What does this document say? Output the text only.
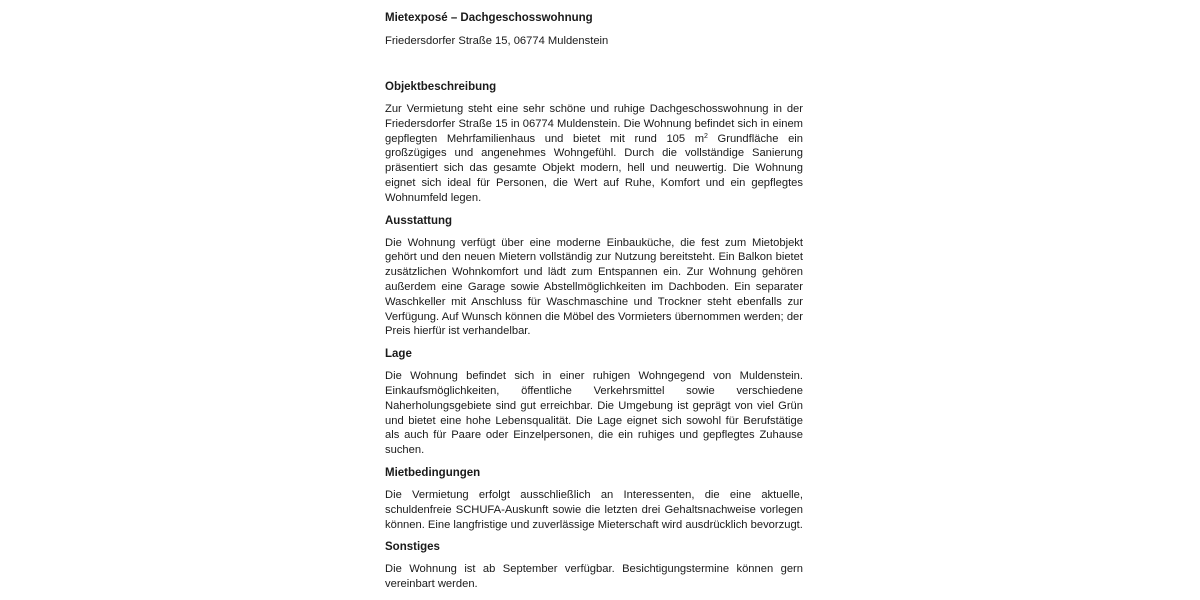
Mietexposé – Dachgeschosswohnung

Friedersdorfer Straße 15, 06774 Muldenstein

Objektbeschreibung

Zur Vermietung steht eine sehr schöne und ruhige Dachgeschosswohnung in der Friedersdorfer Straße 15 in 06774 Muldenstein. Die Wohnung befindet sich in einem gepflegten Mehrfamilienhaus und bietet mit rund 105 $m^2$ Grundfläche ein großzügiges und angenehmes Wohngefühl. Durch die vollständige Sanierung präsentiert sich das gesamte Objekt modern, hell und neuwertig. Die Wohnung eignet sich ideal für Personen, die Wert auf Ruhe, Komfort und ein gepflegtes Wohnumfeld legen.

Ausstattung

Die Wohnung verfügt über eine moderne Einbauküche, die fest zum Mietobjekt gehört und den neuen Mietern vollständig zur Nutzung bereitsteht. Ein Balkon bietet zusätzlichen Wohnkomfort und lädt zum Entspannen ein. Zur Wohnung gehören außerdem eine Garage sowie Abstellmöglichkeiten im Dachboden. Ein separater Waschkeller mit Anschluss für Waschmaschine und Trockner steht ebenfalls zur Verfügung. Auf Wunsch können die Möbel des Vormieters übernommen werden; der Preis hierfür ist verhandelbar.

Lage

Die Wohnung befindet sich in einer ruhigen Wohngegend von Muldenstein. Einkaufsmöglichkeiten, öffentliche Verkehrsmittel sowie verschiedene Naherholungsgebiete sind gut erreichbar. Die Umgebung ist geprägt von viel Grün und bietet eine hohe Lebensqualität. Die Lage eignet sich sowohl für Berufstätige als auch für Paare oder Einzelpersonen, die ein ruhiges und gepflegtes Zuhause suchen.

Mietbedingungen

Die Vermietung erfolgt ausschließlich an Interessenten, die eine aktuelle, schuldenfreie SCHUFA-Auskunft sowie die letzten drei Gehaltsnachweise vorlegen können. Eine langfristige und zuverlässige Mieterschaft wird ausdrücklich bevorzugt.

Sonstiges

Die Wohnung ist ab September verfügbar. Besichtigungstermine können gern vereinbart werden.
